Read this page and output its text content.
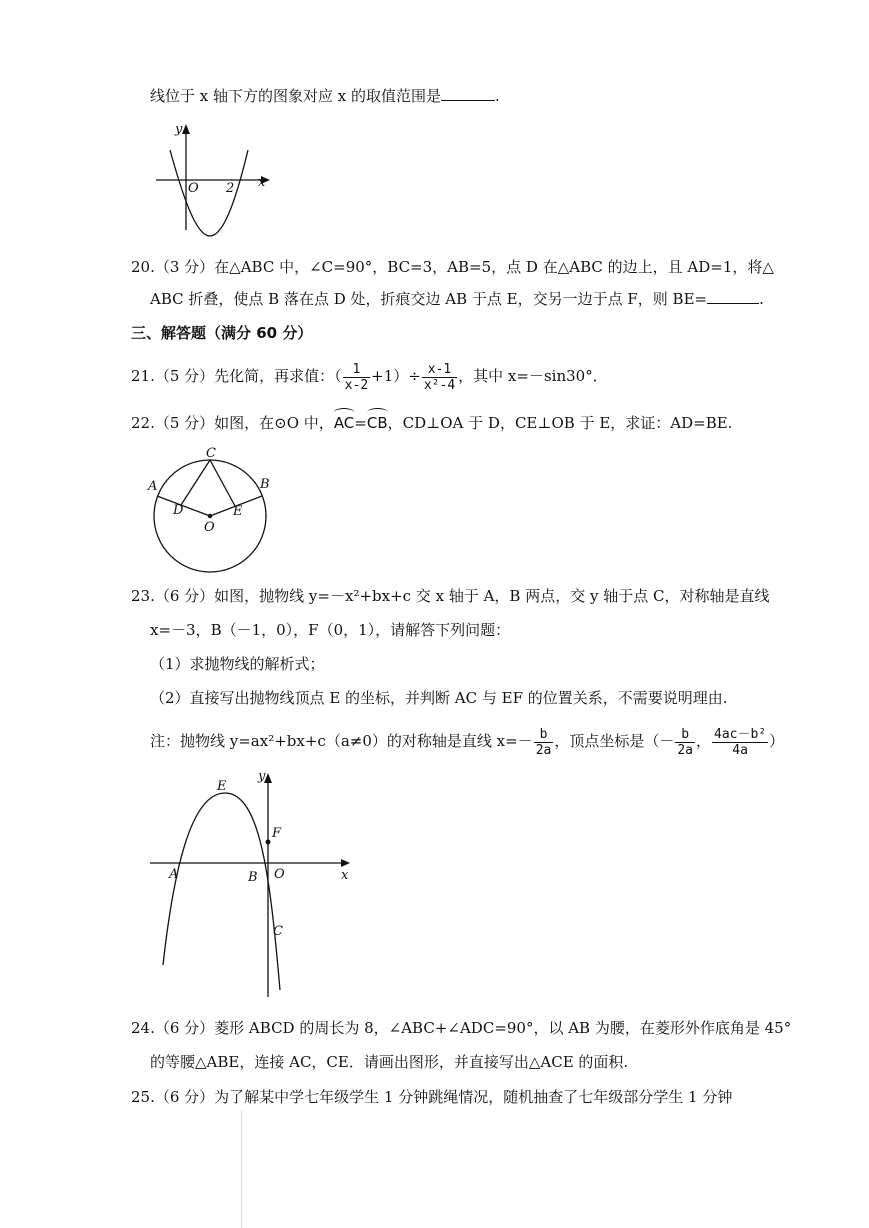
线位于 x 轴下方的图象对应 x 的取值范围是	.
y
x
O 2
20.（3 分）在△ABC 中，∠C=90°，BC=3，AB=5，点 D 在△ABC 的边上，且 AD=1，将△
ABC 折叠，使点 B 落在点 D 处，折痕交边 AB 于点 E，交另一边于点 F，则 BE=	.
三、解答题（满分 60 分）
21.（5 分）先化简，再求值：（ $\frac{1}{x-2} +1)\div \frac{x-1}{\text{x²-4}}$ ，其中 x=－sin30°．
22.（5 分）如图，在⊙O 中，AC=CB，CD⊥OA 于 D，CE⊥OB 于 E，求证：AD=BE.
C
A	B
D	E
O
23.（6 分）如图，抛物线 y=－x²+bx+c 交 x 轴于 A，B 两点，交 y 轴于点 C，对称轴是直线
x=－3，B（－1，0），F（0，1），请解答下列问题：
（1）求抛物线的解析式；
（2）直接写出抛物线顶点 E 的坐标，并判断 AC 与 EF 的位置关系，不需要说明理由.
注：抛物线 y=ax²+bx+c（a≠0）的对称轴是直线 $x=- \frac{b}{2a}$ ，顶点坐标是（－ $\frac{b}{2a}$ ， $\frac{\text{4ac－b²}}{4a}$ ）
E
F
A	B O
C
x
y
24.（6 分）菱形 ABCD 的周长为 8，∠ABC+∠ADC=90°，以 AB 为腰，在菱形外作底角是 45°
的等腰△ABE，连接 AC，CE．请画出图形，并直接写出△ACE 的面积.
25.（6 分）为了解某中学七年级学生 1 分钟跳绳情况，随机抽查了七年级部分学生 1 分钟
